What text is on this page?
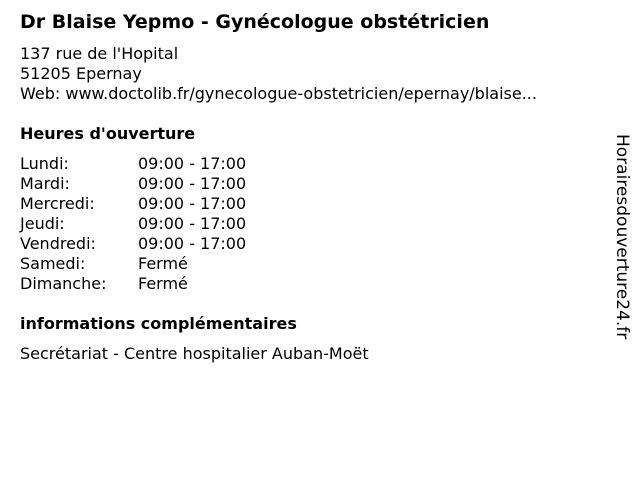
Dr Blaise Yepmo - Gynécologue obstétricien
137 rue de l'Hopital
51205 Epernay
Web: www.doctolib.fr/gynecologue-obstetricien/epernay/blaise...
Heures d'ouverture
Lundi:	09:00 - 17:00
Mardi:	09:00 - 17:00
Mercredi:	09:00 - 17:00
Jeudi:	09:00 - 17:00
Vendredi:	09:00 - 17:00
Samedi:	Fermé
Dimanche:	Fermé
informations complémentaires
Secrétariat - Centre hospitalier Auban-Moët
Horairesdouverture24.fr
